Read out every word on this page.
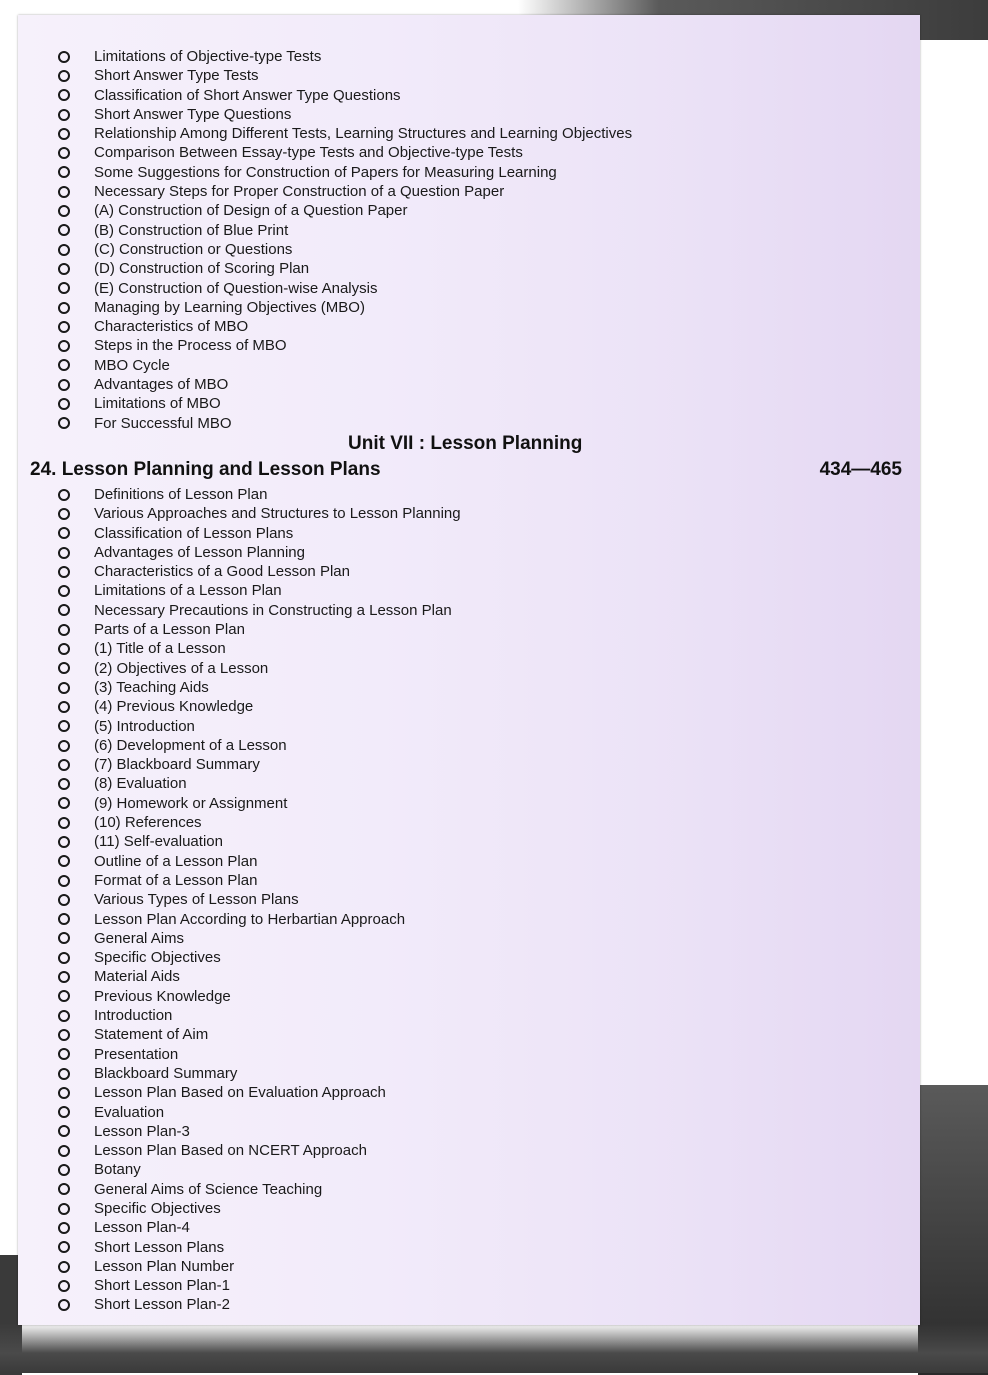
Limitations of Objective-type Tests
Short Answer Type Tests
Classification of Short Answer Type Questions
Short Answer Type Questions
Relationship Among Different Tests, Learning Structures and Learning Objectives
Comparison Between Essay-type Tests and Objective-type Tests
Some Suggestions for Construction of Papers for Measuring Learning
Necessary Steps for Proper Construction of a Question Paper
(A) Construction of Design of a Question Paper
(B) Construction of Blue Print
(C) Construction or Questions
(D) Construction of Scoring Plan
(E) Construction of Question-wise Analysis
Managing by Learning Objectives (MBO)
Characteristics of MBO
Steps in the Process of MBO
MBO Cycle
Advantages of MBO
Limitations of MBO
For Successful MBO
Unit VII : Lesson Planning
24. Lesson Planning and Lesson Plans	434—465
Definitions of Lesson Plan
Various Approaches and Structures to Lesson Planning
Classification of Lesson Plans
Advantages of Lesson Planning
Characteristics of a Good Lesson Plan
Limitations of a Lesson Plan
Necessary Precautions in Constructing a Lesson Plan
Parts of a Lesson Plan
(1) Title of a Lesson
(2) Objectives of a Lesson
(3) Teaching Aids
(4) Previous Knowledge
(5) Introduction
(6) Development of a Lesson
(7) Blackboard Summary
(8) Evaluation
(9) Homework or Assignment
(10) References
(11) Self-evaluation
Outline of a Lesson Plan
Format of a Lesson Plan
Various Types of Lesson Plans
Lesson Plan According to Herbartian Approach
General Aims
Specific Objectives
Material Aids
Previous Knowledge
Introduction
Statement of Aim
Presentation
Blackboard Summary
Lesson Plan Based on Evaluation Approach
Evaluation
Lesson Plan-3
Lesson Plan Based on NCERT Approach
Botany
General Aims of Science Teaching
Specific Objectives
Lesson Plan-4
Short Lesson Plans
Lesson Plan Number
Short Lesson Plan-1
Short Lesson Plan-2
